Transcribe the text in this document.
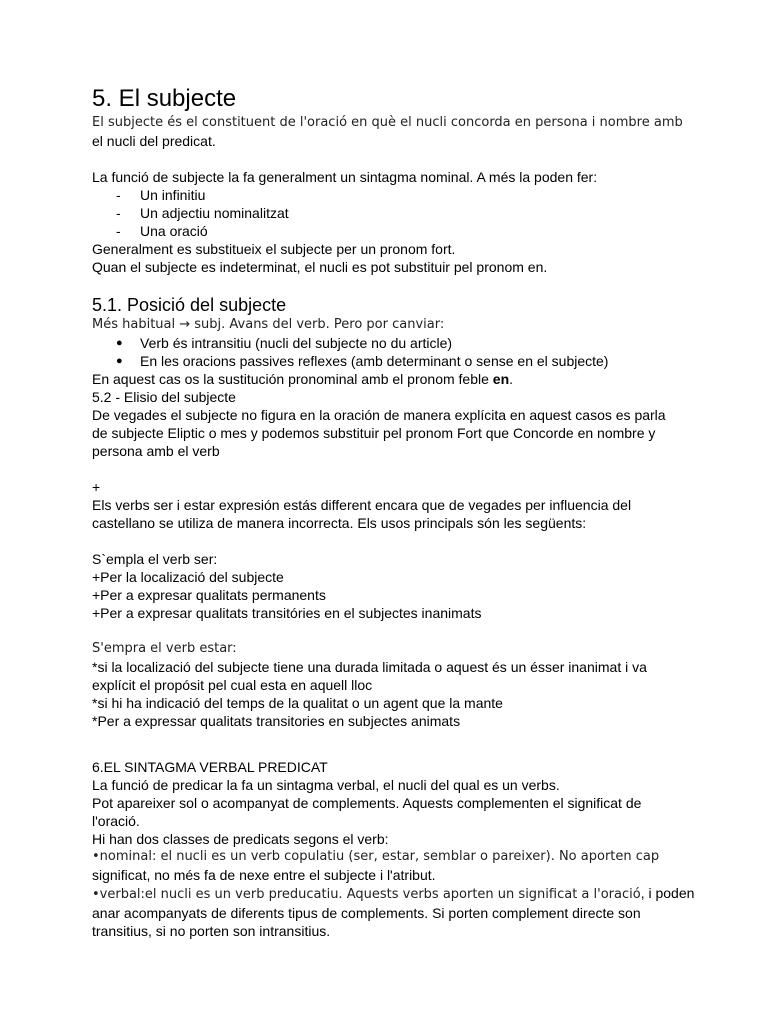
5. El subjecte
El subjecte és el constituent de l'oració en què el nucli concorda en persona i nombre amb
el nucli del predicat.
La funció de subjecte la fa generalment un sintagma nominal. A més la poden fer:
- Un infinitiu
- Un adjectiu nominalitzat
- Una oració
Generalment es substitueix el subjecte per un pronom fort.
Quan el subjecte es indeterminat, el nucli es pot substituir pel pronom en.
5.1. Posició del subjecte
Més habitual → subj. Avans del verb. Pero por canviar:
● Verb és intransitiu (nucli del subjecte no du article)
● En les oracions passives reflexes (amb determinant o sense en el subjecte)
En aquest cas os la sustitución pronominal amb el pronom feble en.
5.2 - Elisio del subjecte
De vegades el subjecte no figura en la oración de manera explícita en aquest casos es parla
de subjecte Eliptic o mes y podemos substituir pel pronom Fort que Concorde en nombre y
persona amb el verb
+
Els verbs ser i estar expresión estás different encara que de vegades per influencia del
castellano se utiliza de manera incorrecta. Els usos principals són les següents:
S`empla el verb ser:
+Per la localizació del subjecte
+Per a expresar qualitats permanents
+Per a expresar qualitats transitóries en el subjectes inanimats
S'empra el verb estar:
*si la localizació del subjecte tiene una durada limitada o aquest és un ésser inanimat i va
explícit el propósit pel cual esta en aquell lloc
*si hi ha indicació del temps de la qualitat o un agent que la mante
*Per a expressar qualitats transitories en subjectes animats
6.EL SINTAGMA VERBAL PREDICAT
La funció de predicar la fa un sintagma verbal, el nucli del qual es un verbs.
Pot apareixer sol o acompanyat de complements. Aquests complementen el significat de
l'oració.
Hi han dos classes de predicats segons el verb:
•nominal: el nucli es un verb copulatiu (ser, estar, semblar o pareixer). No aporten cap
significat, no més fa de nexe entre el subjecte i l'atribut.
•verbal:el nucli es un verb preducatiu. Aquests verbs aporten un significat a l'oració, i poden
anar acompanyats de diferents tipus de complements. Si porten complement directe son
transitius, si no porten son intransitius.
